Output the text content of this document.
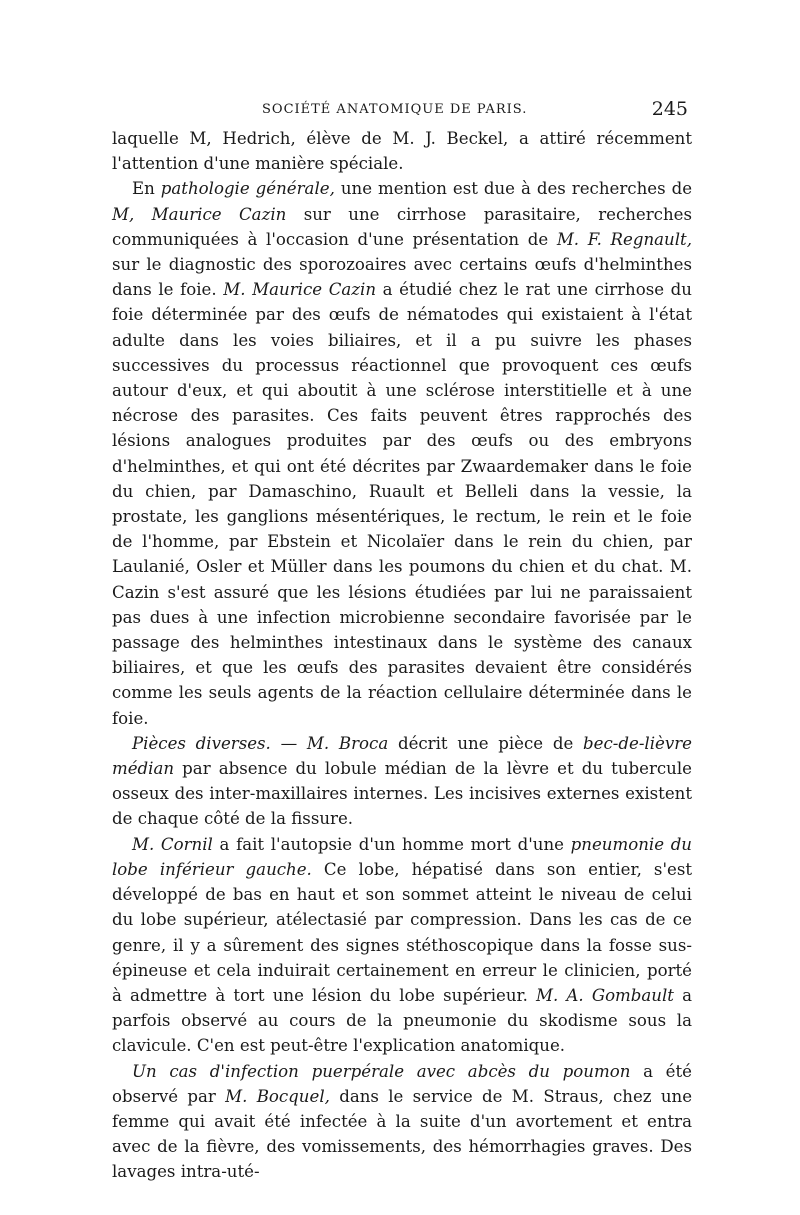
SOCIÉTÉ ANATOMIQUE DE PARIS.	245

laquelle M, Hedrich, élève de M. J. Beckel, a attiré récemment l'attention d'une manière spéciale.

En pathologie générale, une mention est due à des recherches de M, Maurice Cazin sur une cirrhose parasitaire, recherches communiquées à l'occasion d'une présentation de M. F. Regnault, sur le diagnostic des sporozoaires avec certains œufs d'helminthes dans le foie. M. Maurice Cazin a étudié chez le rat une cirrhose du foie déterminée par des œufs de nématodes qui existaient à l'état adulte dans les voies biliaires, et il a pu suivre les phases successives du processus réactionnel que provoquent ces œufs autour d'eux, et qui aboutit à une sclérose interstitielle et à une nécrose des parasites. Ces faits peuvent êtres rapprochés des lésions analogues produites par des œufs ou des embryons d'helminthes, et qui ont été décrites par Zwaardemaker dans le foie du chien, par Damaschino, Ruault et Belleli dans la vessie, la prostate, les ganglions mésentériques, le rectum, le rein et le foie de l'homme, par Ebstein et Nicolaïer dans le rein du chien, par Laulanié, Osler et Müller dans les poumons du chien et du chat. M. Cazin s'est assuré que les lésions étudiées par lui ne paraissaient pas dues à une infection microbienne secondaire favorisée par le passage des helminthes intestinaux dans le système des canaux biliaires, et que les œufs des parasites devaient être considérés comme les seuls agents de la réaction cellulaire déterminée dans le foie.

Pièces diverses. — M. Broca décrit une pièce de bec-de-lièvre médian par absence du lobule médian de la lèvre et du tubercule osseux des inter-maxillaires internes. Les incisives externes existent de chaque côté de la fissure.

M. Cornil a fait l'autopsie d'un homme mort d'une pneumonie du lobe inférieur gauche. Ce lobe, hépatisé dans son entier, s'est développé de bas en haut et son sommet atteint le niveau de celui du lobe supérieur, atélectasié par compression. Dans les cas de ce genre, il y a sûrement des signes stéthoscopique dans la fosse sus-épineuse et cela induirait certainement en erreur le clinicien, porté à admettre à tort une lésion du lobe supérieur. M. A. Gombault a parfois observé au cours de la pneumonie du skodisme sous la clavicule. C'en est peut-être l'explication anatomique.

Un cas d'infection puerpérale avec abcès du poumon a été observé par M. Bocquel, dans le service de M. Straus, chez une femme qui avait été infectée à la suite d'un avortement et entra avec de la fièvre, des vomissements, des hémorrhagies graves. Des lavages intra-uté-
